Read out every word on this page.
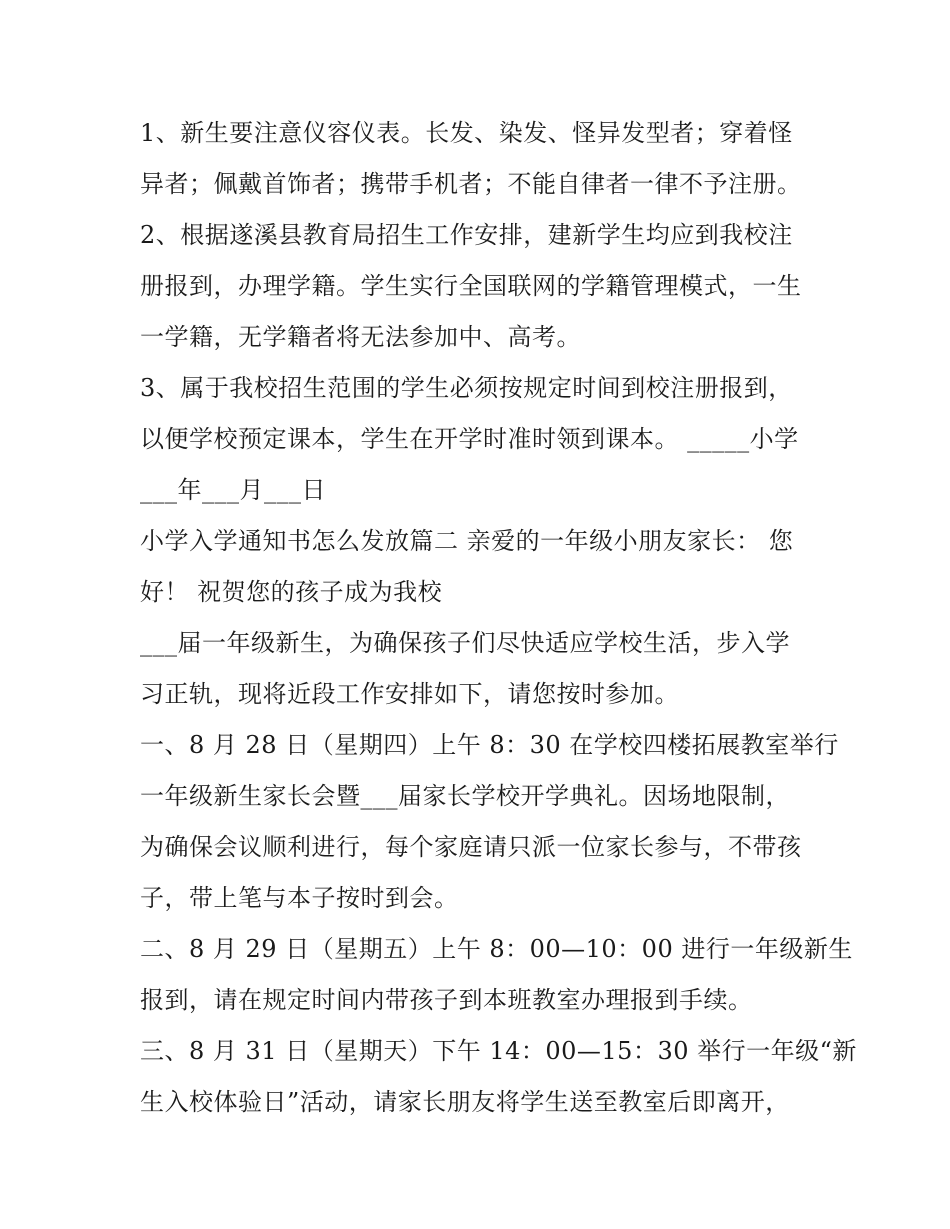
1、新生要注意仪容仪表。长发、染发、怪异发型者；穿着怪
异者；佩戴首饰者；携带手机者；不能自律者一律不予注册。
2、根据遂溪县教育局招生工作安排，建新学生均应到我校注
册报到，办理学籍。学生实行全国联网的学籍管理模式，一生
一学籍，无学籍者将无法参加中、高考。
3、属于我校招生范围的学生必须按规定时间到校注册报到，
以便学校预定课本，学生在开学时准时领到课本。 _____小学
___年___月___日
小学入学通知书怎么发放篇二 亲爱的一年级小朋友家长： 您
好！ 祝贺您的孩子成为我校
___届一年级新生，为确保孩子们尽快适应学校生活，步入学
习正轨，现将近段工作安排如下，请您按时参加。
一、8 月 28 日（星期四）上午 8：30 在学校四楼拓展教室举行
一年级新生家长会暨___届家长学校开学典礼。因场地限制，
为确保会议顺利进行，每个家庭请只派一位家长参与，不带孩
子，带上笔与本子按时到会。
二、8 月 29 日（星期五）上午 8：00—10：00 进行一年级新生
报到，请在规定时间内带孩子到本班教室办理报到手续。
三、8 月 31 日（星期天）下午 14：00—15：30 举行一年级“新
生入校体验日”活动，请家长朋友将学生送至教室后即离开，
